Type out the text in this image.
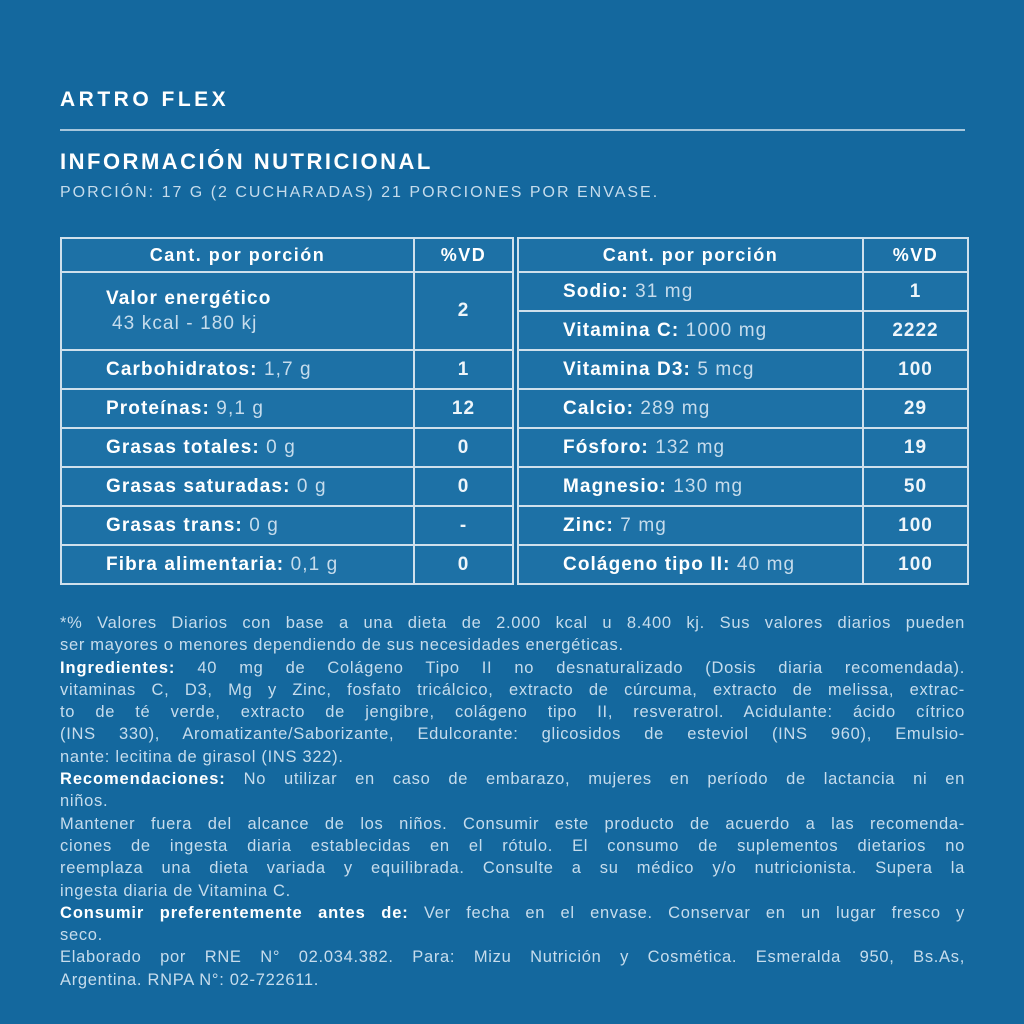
ARTRO FLEX
INFORMACIÓN NUTRICIONAL
PORCIÓN: 17 G (2 CUCHARADAS) 21 PORCIONES POR ENVASE.
Cant. por porción	%VD
Valor energético
43 kcal - 180 kj	2
Carbohidratos: 1,7 g	1
Proteínas: 9,1 g	12
Grasas totales: 0 g	0
Grasas saturadas: 0 g	0
Grasas trans: 0 g	-
Fibra alimentaria: 0,1 g	0
Cant. por porción	%VD
Sodio: 31 mg	1
Vitamina C: 1000 mg	2222
Vitamina D3: 5 mcg	100
Calcio: 289 mg	29
Fósforo: 132 mg	19
Magnesio: 130 mg	50
Zinc: 7 mg	100
Colágeno tipo II: 40 mg	100
*% Valores Diarios con base a una dieta de 2.000 kcal u 8.400 kj. Sus valores diarios pueden
ser mayores o menores dependiendo de sus necesidades energéticas.
Ingredientes: 40 mg de Colágeno Tipo II no desnaturalizado (Dosis diaria recomendada).
vitaminas C, D3, Mg y Zinc, fosfato tricálcico, extracto de cúrcuma, extracto de melissa, extrac-
to de té verde, extracto de jengibre, colágeno tipo II, resveratrol. Acidulante: ácido cítrico
(INS 330), Aromatizante/Saborizante, Edulcorante: glicosidos de esteviol (INS 960), Emulsio-
nante: lecitina de girasol (INS 322).
Recomendaciones: No utilizar en caso de embarazo, mujeres en período de lactancia ni en
niños.
Mantener fuera del alcance de los niños. Consumir este producto de acuerdo a las recomenda-
ciones de ingesta diaria establecidas en el rótulo. El consumo de suplementos dietarios no
reemplaza una dieta variada y equilibrada. Consulte a su médico y/o nutricionista. Supera la
ingesta diaria de Vitamina C.
Consumir preferentemente antes de: Ver fecha en el envase. Conservar en un lugar fresco y
seco.
Elaborado por RNE N° 02.034.382. Para: Mizu Nutrición y Cosmética. Esmeralda 950, Bs.As,
Argentina. RNPA N°: 02-722611.
